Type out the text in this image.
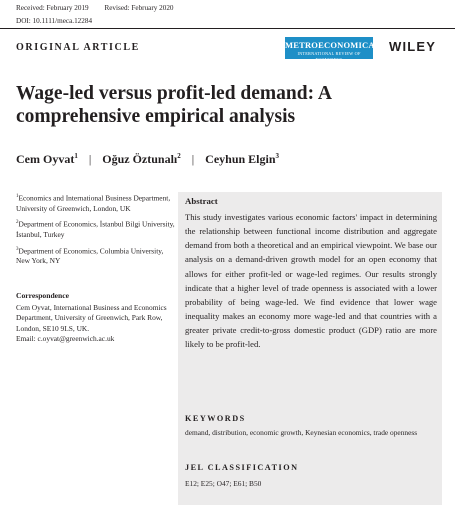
Received: February 2019 Revised: February 2020
DOI: 10.1111/meca.12284
ORIGINAL ARTICLE	METROECONOMICA
INTERNATIONAL REVIEW OF ECONOMICS
WILEY
Wage-led versus profit-led demand: A comprehensive empirical analysis
Cem Oyvat$^1$ | Oğuz Öztunalı$^2$ | Ceyhun Elgin$^3$

$^1$Economics and International Business Department, University of Greenwich, London, UK

$^2$Department of Economics, İstanbul Bilgi University, İstanbul, Turkey

$^3$Department of Economics, Columbia University, New York, NY

Correspondence

Cem Oyvat, International Business and Economics Department, University of Greenwich, Park Row, London, SE10 9LS, UK.

Email: c.oyvat@greenwich.ac.uk

Abstract
This study investigates various economic factors' impact in determining the relationship between functional income distribution and aggregate demand from both a theoretical and an empirical viewpoint. We base our analysis on a demand-driven growth model for an open economy that allows for either profit-led or wage-led regimes. Our results strongly indicate that a higher level of trade openness is associated with a lower probability of being wage-led. We find evidence that lower wage inequality makes an economy more wage-led and that countries with a greater private credit-to-gross domestic product (GDP) ratio are more likely to be profit-led.
KEYWORDS
demand, distribution, economic growth, Keynesian economics, trade openness
JEL CLASSIFICATION
E12; E25; O47; E61; B50
